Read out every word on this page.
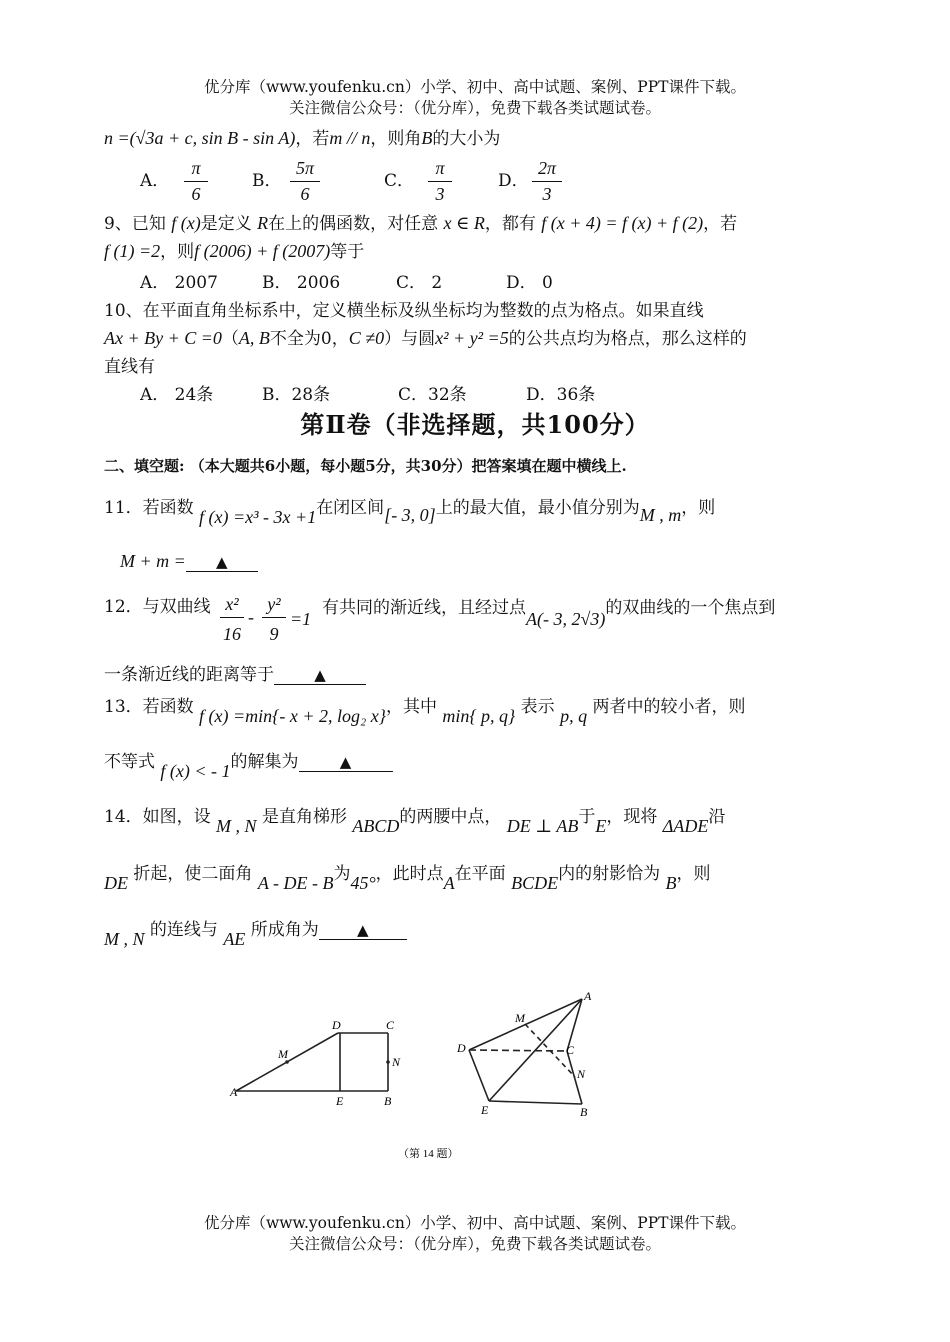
优分库（www.youfenku.cn）小学、初中、高中试题、案例、PPT课件下载。
关注微信公众号：（优分库），免费下载各类试题试卷。
n =(√3a + c, sin B - sin A)，若m // n，则角B的大小为
A．
π
6
B．
5π
6
C．
π
3
D．
2π
3
9、已知 f (x)是定义 R在上的偶函数，对任意 x ∈ R，都有 f (x + 4) = f (x) + f (2)，若
f (1) =2，则f (2006) + f (2007)等于
A． 2007	B． 2006	C． 2	D． 0
10、在平面直角坐标系中，定义横坐标及纵坐标均为整数的点为格点。如果直线
Ax + By + C =0（A, B不全为0，C ≠0）与圆x² + y² =5的公共点均为格点，那么这样的
直线有
A． 24条	B．28条	C．32条	D．36条
第Ⅱ卷（非选择题，共100分）
二、填空题: （本大题共6小题，每小题5分，共30分）把答案填在题中横线上.
11．若函数 f (x) =x³ - 3x +1在闭区间[- 3, 0]上的最大值，最小值分别为M , m，则
M + m = ▲
12．与双曲线 x²
16
-
y²
9
=1
有共同的渐近线，且经过点A(- 3, 2√3)的双曲线的一个焦点到
一条渐近线的距离等于	▲
13．若函数 f (x) =min{- x + 2, log₂ x}，其中 min{ p, q} 表示 p, q 两者中的较小者，则
不等式 f (x) < - 1的解集为	▲
14．如图，设 M , N 是直角梯形 ABCD的两腰中点， DE ⊥ AB于E，现将 ΔADE沿
DE 折起，使二面角 A - DE - B为45°，此时点A在平面 BCDE内的射影恰为 B，则
M , N 的连线与 AE 所成角为	▲
A
D	C
M
N
E	B
A
M
D	C
N
E	B
（第 14 题）
优分库（www.youfenku.cn）小学、初中、高中试题、案例、PPT课件下载。
关注微信公众号：（优分库），免费下载各类试题试卷。
